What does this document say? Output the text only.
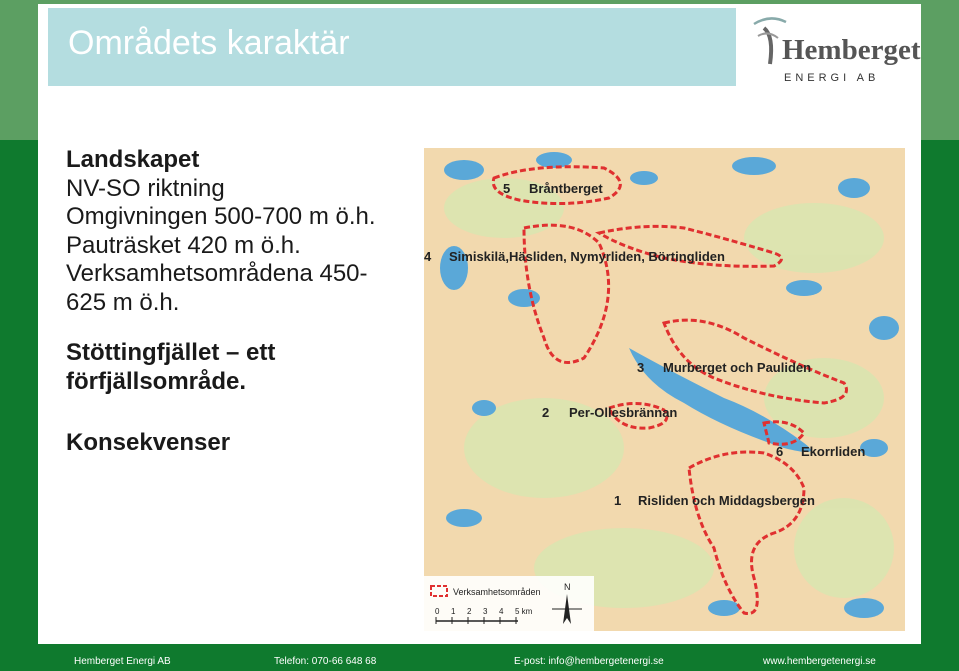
Områdets karaktär	Hemberget
ENERGI AB

Landskapet

NV-SO riktning

Omgivningen 500-700 m ö.h.

Pauträsket 420 m ö.h.

Verksamhetsområdena 450-

625 m ö.h.

Stöttingfjället – ett

förfjällsområde.

Konsekvenser

5 Bråntberget
4 Simiskilä,Häsliden, Nymyrliden, Börtingliden
3 Murberget och Pauliden
2 Per-Ollesbrännan
6 Ekorrliden
1 Risliden och Middagsbergen
Verksamhetsområden
0 1 2 3 4 5 km
N
Hemberget Energi AB	Telefon: 070-66 648 68	E-post: info@hembergetenergi.se	www.hembergetenergi.se
